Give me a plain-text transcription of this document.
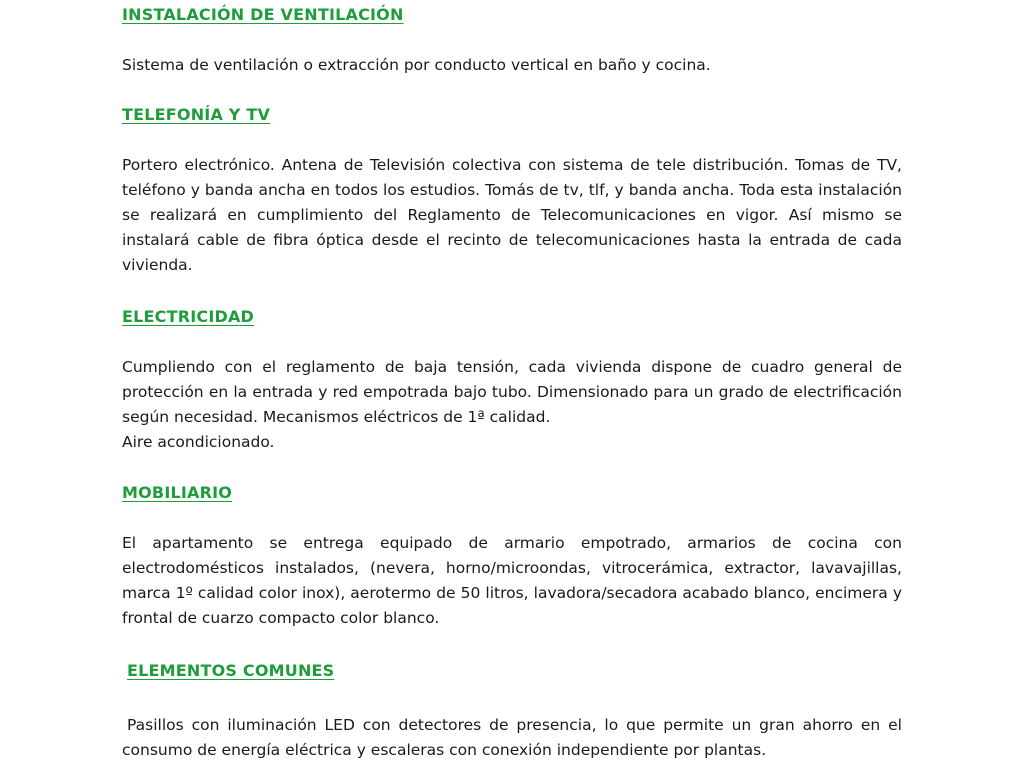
INSTALACIÓN DE VENTILACIÓN

Sistema de ventilación o extracción por conducto vertical en baño y cocina.

TELEFONÍA Y TV

Portero electrónico. Antena de Televisión colectiva con sistema de tele distribución. Tomas de TV, teléfono y banda ancha en todos los estudios. Tomás de tv, tlf, y banda ancha. Toda esta instalación se realizará en cumplimiento del Reglamento de Telecomunicaciones en vigor. Así mismo se instalará cable de fibra óptica desde el recinto de telecomunicaciones hasta la entrada de cada vivienda.

ELECTRICIDAD

Cumpliendo con el reglamento de baja tensión, cada vivienda dispone de cuadro general de protección en la entrada y red empotrada bajo tubo. Dimensionado para un grado de electrificación según necesidad. Mecanismos eléctricos de 1ª calidad.

Aire acondicionado.

MOBILIARIO

El apartamento se entrega equipado de armario empotrado, armarios de cocina con electrodomésticos instalados, (nevera, horno/microondas, vitrocerámica, extractor, lavavajillas, marca 1º calidad color inox), aerotermo de 50 litros, lavadora/secadora acabado blanco, encimera y frontal de cuarzo compacto color blanco.

ELEMENTOS COMUNES

Pasillos con iluminación LED con detectores de presencia, lo que permite un gran ahorro en el consumo de energía eléctrica y escaleras con conexión independiente por plantas.
